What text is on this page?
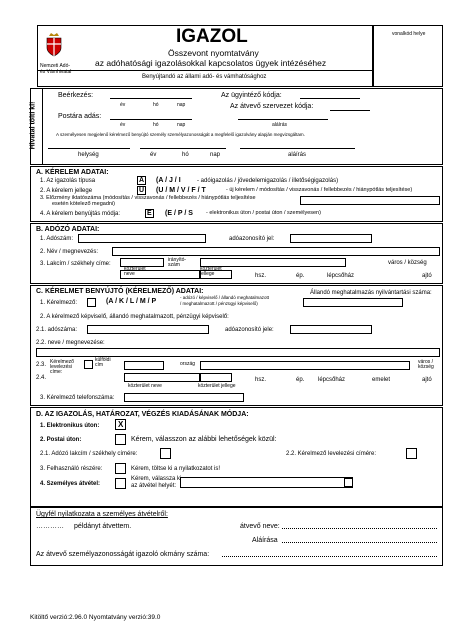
vonalkód helye
Nemzeti Adó-
és Vámhivatal
IGAZOL
Összevont nyomtatvány
az adóhatósági igazolásokkal kapcsolatos ügyek intézéséhez
Benyújtandó az állami adó- és vámhatósághoz
Hivatal tölti ki!
Beérkezés:
év	hó	nap
Az ügyintéző kódja:
Az átvevő szervezet kódja:
Postára adás:
év	hó	nap	aláírás
A személyesen megjelenő kérelmező benyújtó személy személyazonosságát a megfelelő igazolvány alapján megvizsgáltam.
helység	év	hó	nap	aláírás
A. KÉRELEM ADATAI:
1. Az igazolás típusa	A (A / J / I	- adóigazolás / jövedelemigazolás / illetőségigazolás)
2. A kérelem jellege	U (U / M / V / F / T	- új kérelem / módosítás / visszavonás / fellebbezés / hiánypótlás teljesítése)
3. Előzmény iktatószáma (módosítás / visszavonás / fellebbezés / hiánypótlás teljesítése
esetén kötelező megadni)
4. A kérelem benyújtás módja:	E (E / P / S - elektronikus úton / postai úton / személyesen)
B. ADÓZÓ ADATAI:
1. Adószám:	adóazonosító jel:
2. Név / megnevezés:
3. Lakcím / székhely címe:
irányító-szám	város / község
hsz.	ép.	lépcsőház	ajtó
közterület neve
közterület jellege
C. KÉRELMET BENYÚJTÓ (KÉRELMEZŐ) ADATAI:
1. Kérelmező:	(A / K / L / M / P
- adózó / képviselő / állandó meghatalmazott
/ meghatalmazott / pénzügyi képviselő)
Állandó meghatalmazás nyilvántartási száma:
2. A kérelmező képviselő, állandó meghatalmazott, pénzügyi képviselő:
2.1. adószáma:	adóazonosító jele:
2.2. neve / megnevezése:
2.3. Kérelmező levelezési címe:
külföldi cím	ország	város / község
2.4.
közterület neve	közterület jellege
hsz.	ép. lépcsőház	emelet	ajtó
3. Kérelmező telefonszáma:
D. AZ IGAZOLÁS, HATÁROZAT, VÉGZÉS KIADÁSÁNAK MÓDJA:
1. Elektronikus úton: X
2. Postai úton:	Kérem, válasszon az alábbi lehetőségek közül:
2.1. Adózó lakcím / székhely címére:	2.2. Kérelmező levelezési címére:
3. Felhasználó részére:	Kérem, töltse ki a nyilatkozatot is!
4. Személyes átvétel:
Kérem, válassza ki
az átvétel helyét:
Ügyfél nyilatkozata a személyes átvételről:
………… példányt átvettem.	átvevő neve:
Aláírása
Az átvevő személyazonosságát igazoló okmány száma:
Kitöltő verzió:2.96.0 Nyomtatvány verzió:39.0
